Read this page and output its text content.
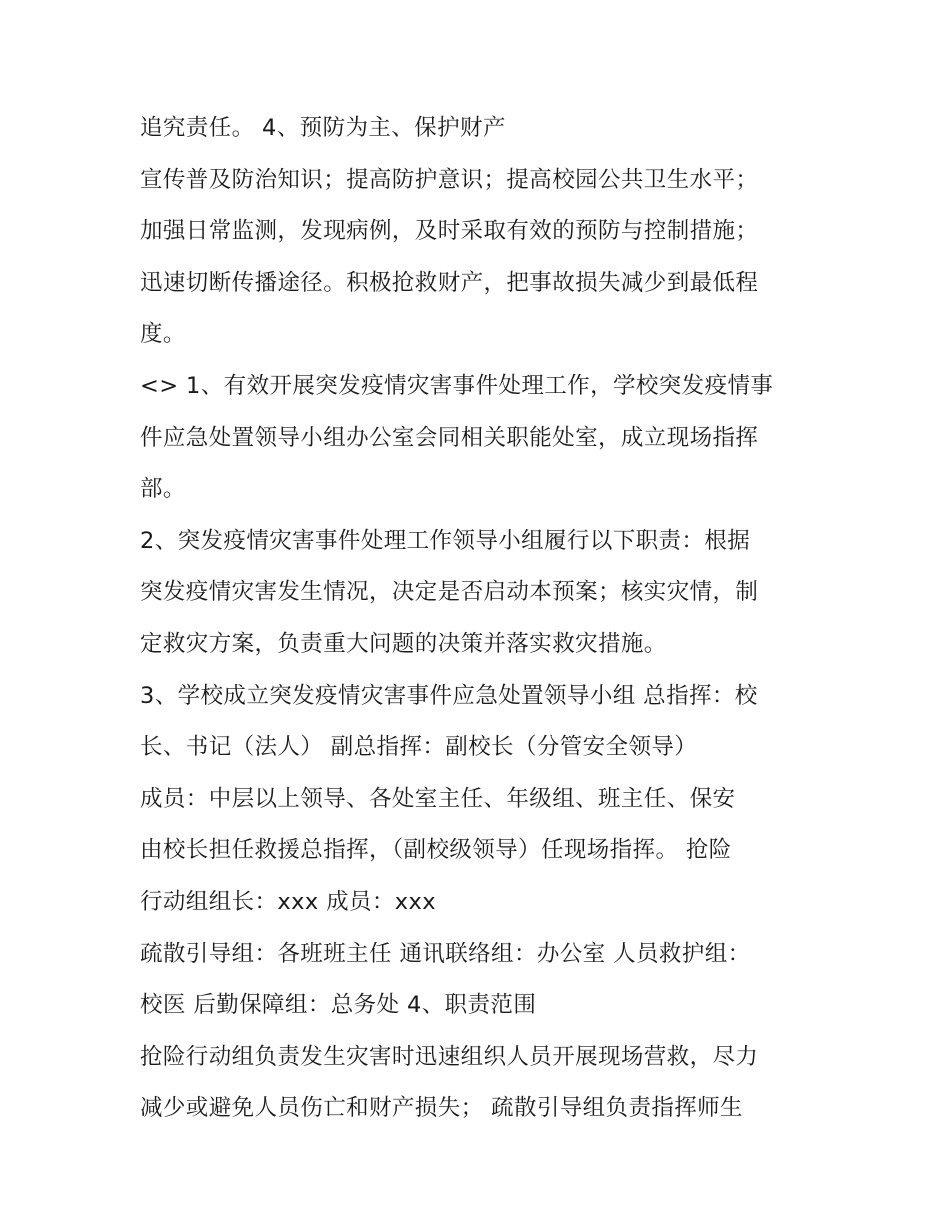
追究责任。 4、预防为主、保护财产
宣传普及防治知识；提高防护意识；提高校园公共卫生水平；
加强日常监测，发现病例，及时采取有效的预防与控制措施；
迅速切断传播途径。积极抢救财产，把事故损失减少到最低程
度。
<> 1、有效开展突发疫情灾害事件处理工作，学校突发疫情事
件应急处置领导小组办公室会同相关职能处室，成立现场指挥
部。
2、突发疫情灾害事件处理工作领导小组履行以下职责：根据
突发疫情灾害发生情况，决定是否启动本预案；核实灾情，制
定救灾方案，负责重大问题的决策并落实救灾措施。
3、学校成立突发疫情灾害事件应急处置领导小组 总指挥：校
长、书记（法人） 副总指挥：副校长（分管安全领导）
成员：中层以上领导、各处室主任、年级组、班主任、保安
由校长担任救援总指挥，（副校级领导）任现场指挥。 抢险
行动组组长：xxx 成员：xxx
疏散引导组：各班班主任 通讯联络组：办公室 人员救护组：
校医 后勤保障组：总务处 4、职责范围
抢险行动组负责发生灾害时迅速组织人员开展现场营救，尽力
减少或避免人员伤亡和财产损失； 疏散引导组负责指挥师生
